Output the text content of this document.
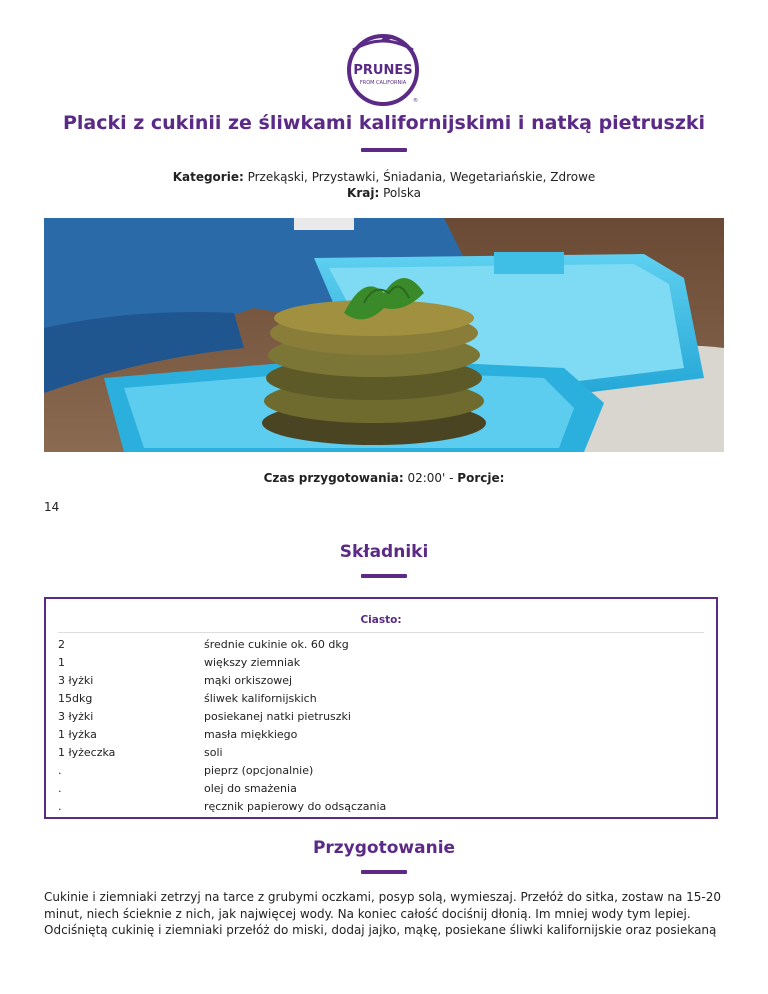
PRUNES
FROM CALIFORNIA
®
Placki z cukinii ze śliwkami kalifornijskimi i natką pietruszki
Kategorie: Przekąski, Przystawki, Śniadania, Wegetariańskie, Zdrowe
Kraj: Polska
Czas przygotowania: 02:00' - Porcje:
14
Składniki
Ciasto:
2	średnie cukinie ok. 60 dkg
1	większy ziemniak
3 łyżki	mąki orkiszowej
15dkg	śliwek kalifornijskich
3 łyżki	posiekanej natki pietruszki
1 łyżka	masła miękkiego
1 łyżeczka	soli
.	pieprz (opcjonalnie)
.	olej do smażenia
.	ręcznik papierowy do odsączania
Przygotowanie
Cukinie i ziemniaki zetrzyj na tarce z grubymi oczkami, posyp solą, wymieszaj. Przełóż do sitka, zostaw na 15-20 minut, niech ścieknie z nich, jak najwięcej wody. Na koniec całość dociśnij dłonią. Im mniej wody tym lepiej. Odciśniętą cukinię i ziemniaki przełóż do miski, dodaj jajko, mąkę, posiekane śliwki kalifornijskie oraz posiekaną
